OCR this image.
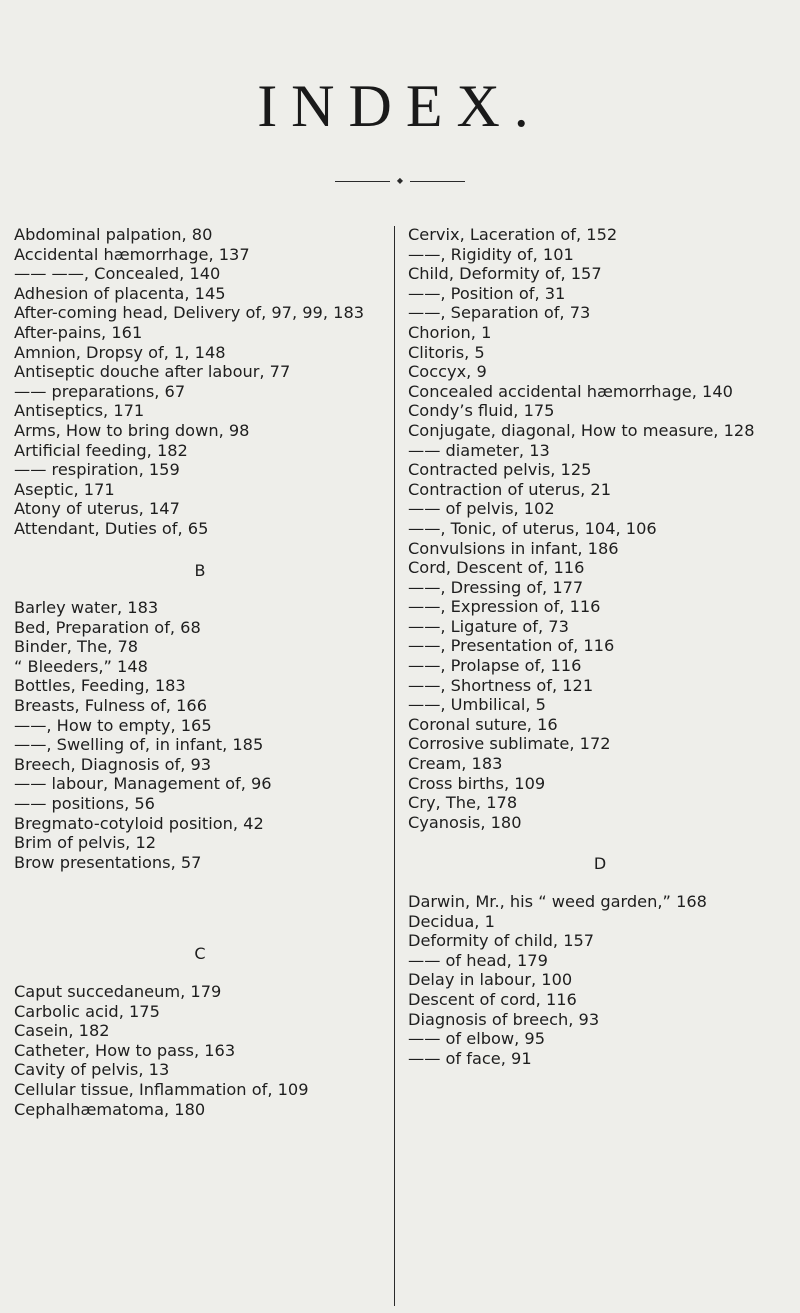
INDEX.
◆
Abdominal palpation, 80
Accidental hæmorrhage, 137
—— ——, Concealed, 140
Adhesion of placenta, 145
After-coming head, Delivery of, 97, 99, 183
After-pains, 161
Amnion, Dropsy of, 1, 148
Antiseptic douche after labour, 77
—— preparations, 67
Antiseptics, 171
Arms, How to bring down, 98
Artificial feeding, 182
—— respiration, 159
Aseptic, 171
Atony of uterus, 147
Attendant, Duties of, 65
B
Barley water, 183
Bed, Preparation of, 68
Binder, The, 78
“ Bleeders,” 148
Bottles, Feeding, 183
Breasts, Fulness of, 166
——, How to empty, 165
——, Swelling of, in infant, 185
Breech, Diagnosis of, 93
—— labour, Management of, 96
—— positions, 56
Bregmato-cotyloid position, 42
Brim of pelvis, 12
Brow presentations, 57
C
Caput succedaneum, 179
Carbolic acid, 175
Casein, 182
Catheter, How to pass, 163
Cavity of pelvis, 13
Cellular tissue, Inflammation of, 109
Cephalhæmatoma, 180
Cervix, Laceration of, 152
——, Rigidity of, 101
Child, Deformity of, 157
——, Position of, 31
——, Separation of, 73
Chorion, 1
Clitoris, 5
Coccyx, 9
Concealed accidental hæmorrhage, 140
Condy’s fluid, 175
Conjugate, diagonal, How to measure, 128
—— diameter, 13
Contracted pelvis, 125
Contraction of uterus, 21
—— of pelvis, 102
——, Tonic, of uterus, 104, 106
Convulsions in infant, 186
Cord, Descent of, 116
——, Dressing of, 177
——, Expression of, 116
——, Ligature of, 73
——, Presentation of, 116
——, Prolapse of, 116
——, Shortness of, 121
——, Umbilical, 5
Coronal suture, 16
Corrosive sublimate, 172
Cream, 183
Cross births, 109
Cry, The, 178
Cyanosis, 180
D
Darwin, Mr., his “ weed garden,” 168
Decidua, 1
Deformity of child, 157
—— of head, 179
Delay in labour, 100
Descent of cord, 116
Diagnosis of breech, 93
—— of elbow, 95
—— of face, 91
